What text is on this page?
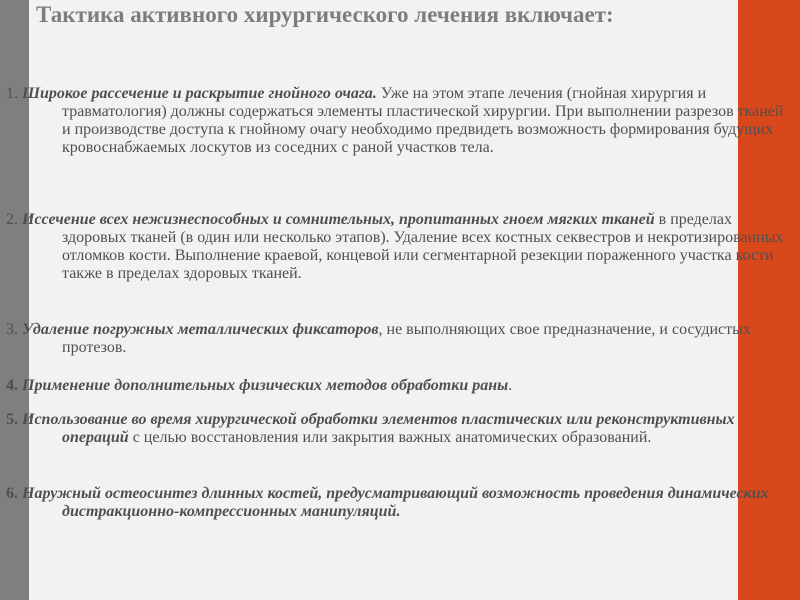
Тактика активного хирургического лечения включает:
1. Широкое рассечение и раскрытие гнойного очага. Уже на этом этапе лечения (гнойная хирургия и травматология) должны содержаться элементы пластической хирургии. При выполнении разрезов тканей и производстве доступа к гнойному очагу необходимо предвидеть возможность формирования будущих кровоснабжаемых лоскутов из соседних с раной участков тела.
2. Иссечение всех нежизнеспособных и сомнительных, пропитанных гноем мягких тканей в пределах здоровых тканей (в один или несколько этапов). Удаление всех костных секвестров и некротизированных отломков кости. Выполнение краевой, концевой или сегментарной резекции пораженного участка кости также в пределах здоровых тканей.
3. Удаление погружных металлических фиксаторов, не выполняющих свое предназначение, и сосудистых протезов.
4. Применение дополнительных физических методов обработки раны.
5. Использование во время хирургической обработки элементов пластических или реконструктивных операций с целью восстановления или закрытия важных анатомических образований.
6. Наружный остеосинтез длинных костей, предусматривающий возможность проведения динамических дистракционно-компрессионных манипуляций.
